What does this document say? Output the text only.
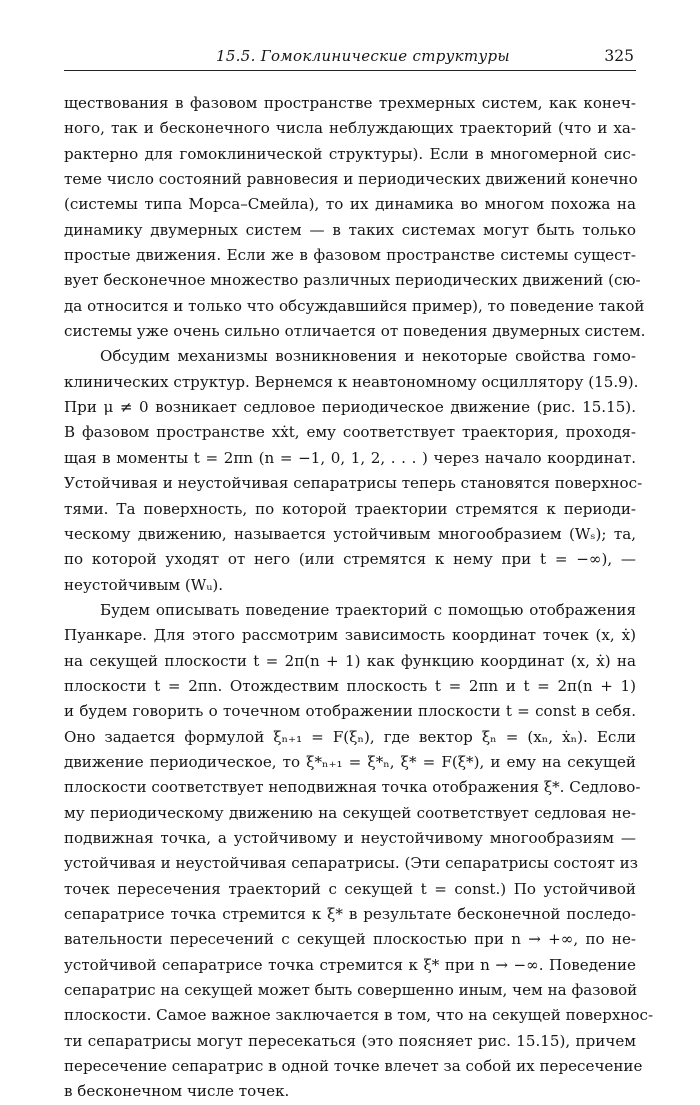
15.5. Гомоклинические структуры	325
ществования в фазовом пространстве трехмерных систем, как конеч-
ного, так и бесконечного числа неблуждающих траекторий (что и ха-
рактерно для гомоклинической структуры). Если в многомерной сис-
теме число состояний равновесия и периодических движений конечно
(системы типа Морса–Смейла), то их динамика во многом похожа на
динамику двумерных систем — в таких системах могут быть только
простые движения. Если же в фазовом пространстве системы сущест-
вует бесконечное множество различных периодических движений (сю-
да относится и только что обсуждавшийся пример), то поведение такой
системы уже очень сильно отличается от поведения двумерных систем.
Обсудим механизмы возникновения и некоторые свойства гомо-
клинических структур. Вернемся к неавтономному осциллятору (15.9).
При μ ≠ 0 возникает седловое периодическое движение (рис. 15.15).
В фазовом пространстве xẋt, ему соответствует траектория, проходя-
щая в моменты t = 2πn (n = −1, 0, 1, 2, . . . ) через начало координат.
Устойчивая и неустойчивая сепаратрисы теперь становятся поверхнос-
тями. Та поверхность, по которой траектории стремятся к периоди-
ческому движению, называется устойчивым многообразием (Wₛ); та,
по которой уходят от него (или стремятся к нему при t = −∞), —
неустойчивым (Wᵤ).
Будем описывать поведение траекторий с помощью отображения
Пуанкаре. Для этого рассмотрим зависимость координат точек (x, ẋ)
на секущей плоскости t = 2π(n + 1) как функцию координат (x, ẋ) на
плоскости t = 2πn. Отождествим плоскость t = 2πn и t = 2π(n + 1)
и будем говорить о точечном отображении плоскости t = const в себя.
Оно задается формулой ξₙ₊₁ = F(ξₙ), где вектор ξₙ = (xₙ, ẋₙ). Если
движение периодическое, то ξ*ₙ₊₁ = ξ*ₙ, ξ* = F(ξ*), и ему на секущей
плоскости соответствует неподвижная точка отображения ξ*. Седлово-
му периодическому движению на секущей соответствует седловая не-
подвижная точка, а устойчивому и неустойчивому многообразиям —
устойчивая и неустойчивая сепаратрисы. (Эти сепаратрисы состоят из
точек пересечения траекторий с секущей t = const.) По устойчивой
сепаратрисе точка стремится к ξ* в результате бесконечной последо-
вательности пересечений с секущей плоскостью при n → +∞, по не-
устойчивой сепаратрисе точка стремится к ξ* при n → −∞. Поведение
сепаратрис на секущей может быть совершенно иным, чем на фазовой
плоскости. Самое важное заключается в том, что на секущей поверхнос-
ти сепаратрисы могут пересекаться (это поясняет рис. 15.15), причем
пересечение сепаратрис в одной точке влечет за собой их пересечение
в бесконечном числе точек.
